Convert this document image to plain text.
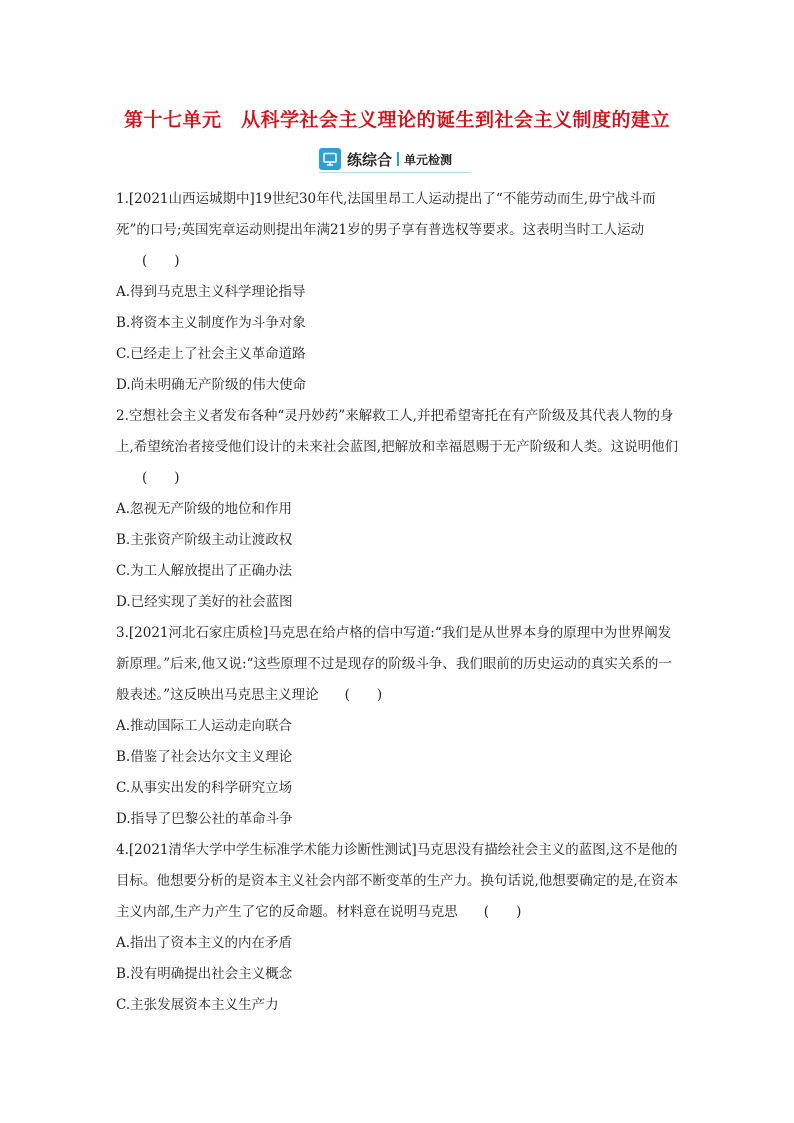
第十七单元　从科学社会主义理论的诞生到社会主义制度的建立
练综合 单元检测

1.[2021山西运城期中]19世纪30年代,法国里昂工人运动提出了“不能劳动而生,毋宁战斗而死”的口号;英国宪章运动则提出年满21岁的男子享有普选权等要求。这表明当时工人运动(　　)

A.得到马克思主义科学理论指导

B.将资本主义制度作为斗争对象

C.已经走上了社会主义革命道路

D.尚未明确无产阶级的伟大使命

2.空想社会主义者发布各种“灵丹妙药”来解救工人,并把希望寄托在有产阶级及其代表人物的身上,希望统治者接受他们设计的未来社会蓝图,把解放和幸福恩赐于无产阶级和人类。这说明他们(　　)

A.忽视无产阶级的地位和作用

B.主张资产阶级主动让渡政权

C.为工人解放提出了正确办法

D.已经实现了美好的社会蓝图

3.[2021河北石家庄质检]马克思在给卢格的信中写道:“我们是从世界本身的原理中为世界阐发新原理。”后来,他又说:“这些原理不过是现存的阶级斗争、我们眼前的历史运动的真实关系的一般表述。”这反映出马克思主义理论 (　　)

A.推动国际工人运动走向联合

B.借鉴了社会达尔文主义理论

C.从事实出发的科学研究立场

D.指导了巴黎公社的革命斗争

4.[2021清华大学中学生标准学术能力诊断性测试]马克思没有描绘社会主义的蓝图,这不是他的目标。他想要分析的是资本主义社会内部不断变革的生产力。换句话说,他想要确定的是,在资本主义内部,生产力产生了它的反命题。材料意在说明马克思 (　　)

A.指出了资本主义的内在矛盾

B.没有明确提出社会主义概念

C.主张发展资本主义生产力
